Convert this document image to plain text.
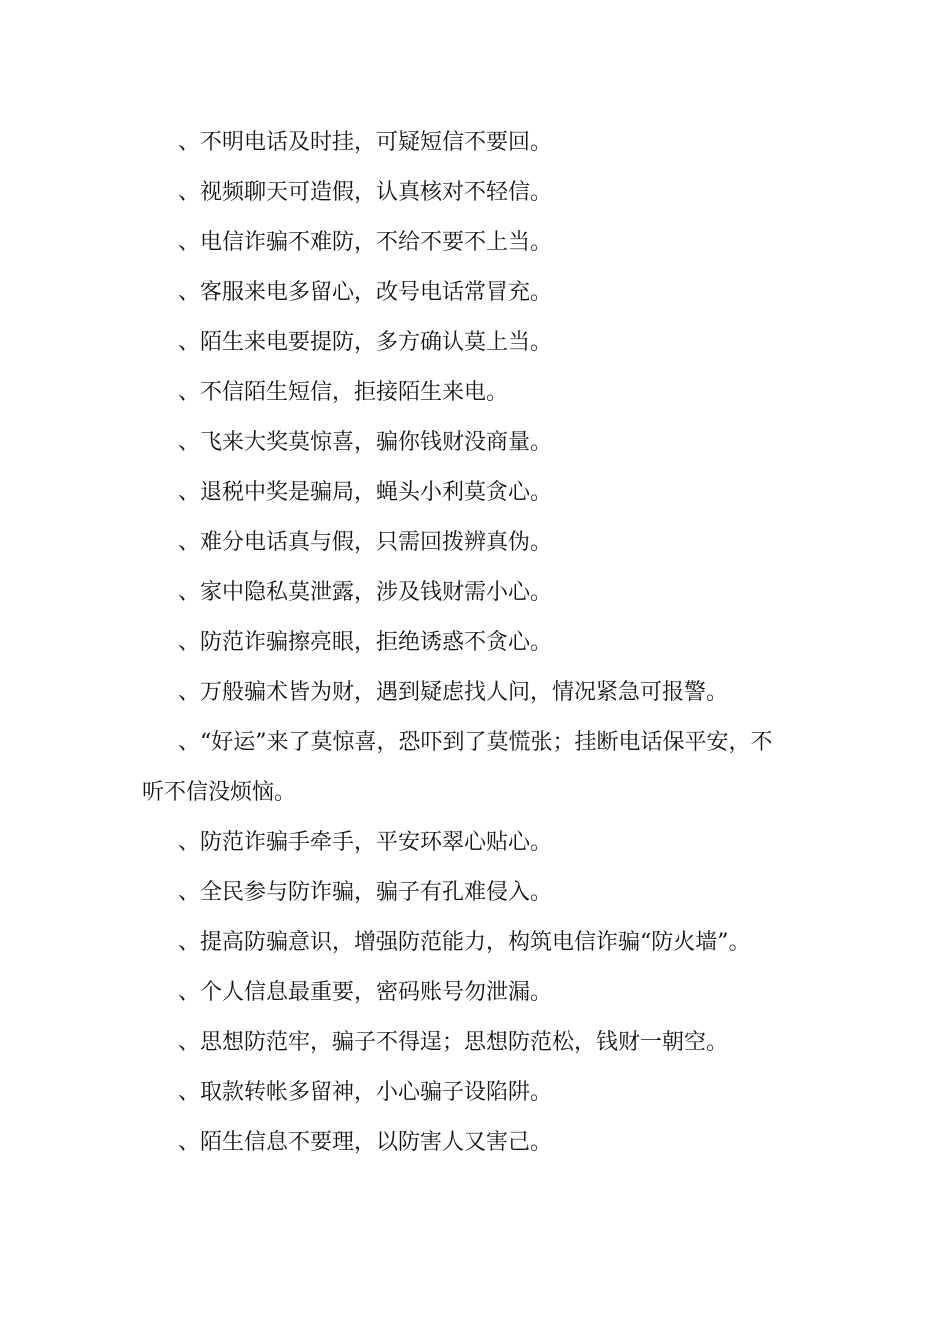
、不明电话及时挂，可疑短信不要回。
、视频聊天可造假，认真核对不轻信。
、电信诈骗不难防，不给不要不上当。
、客服来电多留心，改号电话常冒充。
、陌生来电要提防，多方确认莫上当。
、不信陌生短信，拒接陌生来电。
、飞来大奖莫惊喜，骗你钱财没商量。
、退税中奖是骗局，蝇头小利莫贪心。
、难分电话真与假，只需回拨辨真伪。
、家中隐私莫泄露，涉及钱财需小心。
、防范诈骗擦亮眼，拒绝诱惑不贪心。
、万般骗术皆为财，遇到疑虑找人问，情况紧急可报警。
、“好运”来了莫惊喜，恐吓到了莫慌张；挂断电话保平安，不
听不信没烦恼。
、防范诈骗手牵手，平安环翠心贴心。
、全民参与防诈骗，骗子有孔难侵入。
、提高防骗意识，增强防范能力，构筑电信诈骗“防火墙”。
、个人信息最重要，密码账号勿泄漏。
、思想防范牢，骗子不得逞；思想防范松，钱财一朝空。
、取款转帐多留神，小心骗子设陷阱。
、陌生信息不要理，以防害人又害己。
